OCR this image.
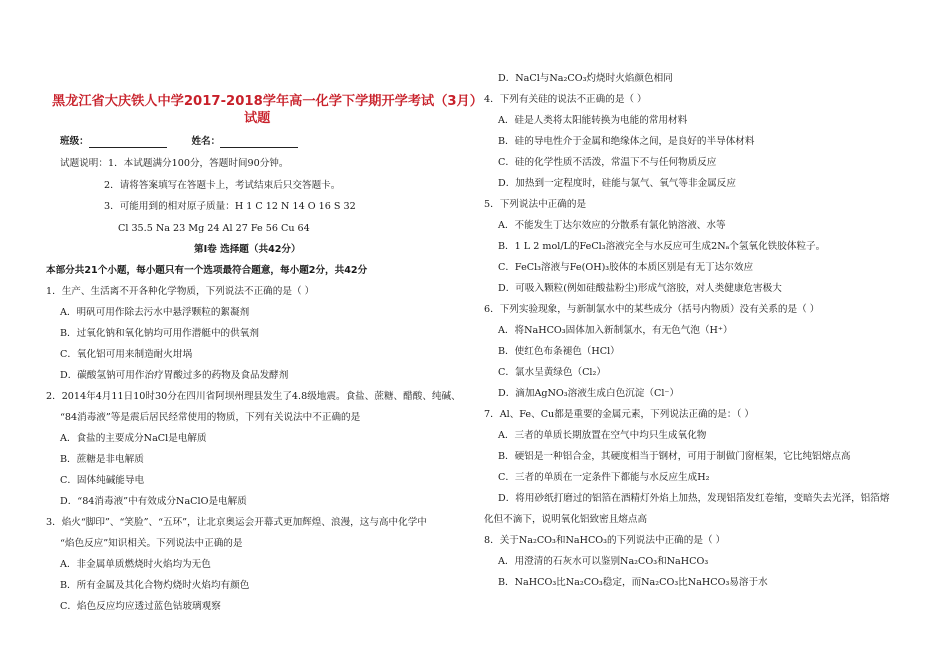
黑龙江省大庆铁人中学2017-2018学年高一化学下学期开学考试（3月）
试题
班级：	姓名：
试题说明：1．本试题满分100分，答题时间90分钟。
2．请将答案填写在答题卡上，考试结束后只交答题卡。
3．可能用到的相对原子质量：H 1 C 12 N 14 O 16 S 32
Cl 35.5 Na 23 Mg 24 Al 27 Fe 56 Cu 64
第Ⅰ卷 选择题（共42分）
本部分共21个小题，每小题只有一个选项最符合题意，每小题2分，共42分
1．生产、生活离不开各种化学物质，下列说法不正确的是（ ）
A．明矾可用作除去污水中悬浮颗粒的絮凝剂
B．过氧化钠和氧化钠均可用作潜艇中的供氧剂
C．氧化铝可用来制造耐火坩埚
D．碳酸氢钠可用作治疗胃酸过多的药物及食品发酵剂
2．2014年4月11日10时30分在四川省阿坝州理县发生了4.8级地震。食盐、蔗糖、醋酸、纯碱、
“84消毒液”等是震后居民经常使用的物质，下列有关说法中不正确的是
A．食盐的主要成分NaCl是电解质
B．蔗糖是非电解质
C．固体纯碱能导电
D．“84消毒液”中有效成分NaClO是电解质
3．焰火“脚印”、“笑脸”、“五环”，让北京奥运会开幕式更加辉煌、浪漫，这与高中化学中
“焰色反应”知识相关。下列说法中正确的是
A．非金属单质燃烧时火焰均为无色
B．所有金属及其化合物灼烧时火焰均有颜色
C．焰色反应均应透过蓝色钴玻璃观察
D．NaCl与Na₂CO₃灼烧时火焰颜色相同
4．下列有关硅的说法不正确的是（ ）
A．硅是人类将太阳能转换为电能的常用材料
B．硅的导电性介于金属和绝缘体之间，是良好的半导体材料
C．硅的化学性质不活泼，常温下不与任何物质反应
D．加热到一定程度时，硅能与氯气、氧气等非金属反应
5．下列说法中正确的是
A．不能发生丁达尔效应的分散系有氯化钠溶液、水等
B．1 L 2 mol/L的FeCl₃溶液完全与水反应可生成2Nₐ个氢氧化铁胶体粒子。
C．FeCl₃溶液与Fe(OH)₃胶体的本质区别是有无丁达尔效应
D．可吸入颗粒(例如硅酸盐粉尘)形成气溶胶，对人类健康危害极大
6．下列实验现象，与新制氯水中的某些成分（括号内物质）没有关系的是（ ）
A．将NaHCO₃固体加入新制氯水，有无色气泡（H⁺）
B．使红色布条褪色（HCl）
C．氯水呈黄绿色（Cl₂）
D．滴加AgNO₃溶液生成白色沉淀（Cl⁻）
7．Al、Fe、Cu都是重要的金属元素，下列说法正确的是：（ ）
A．三者的单质长期放置在空气中均只生成氧化物
B．硬铝是一种铝合金，其硬度相当于钢材，可用于制做门窗框架，它比纯铝熔点高
C．三者的单质在一定条件下都能与水反应生成H₂
D．将用砂纸打磨过的铝箔在酒精灯外焰上加热，发现铝箔发红卷缩，变暗失去光泽，铝箔熔
化但不滴下，说明氧化铝致密且熔点高
8．关于Na₂CO₃和NaHCO₃的下列说法中正确的是（ ）
A．用澄清的石灰水可以鉴别Na₂CO₃和NaHCO₃
B．NaHCO₃比Na₂CO₃稳定，而Na₂CO₃比NaHCO₃易溶于水
